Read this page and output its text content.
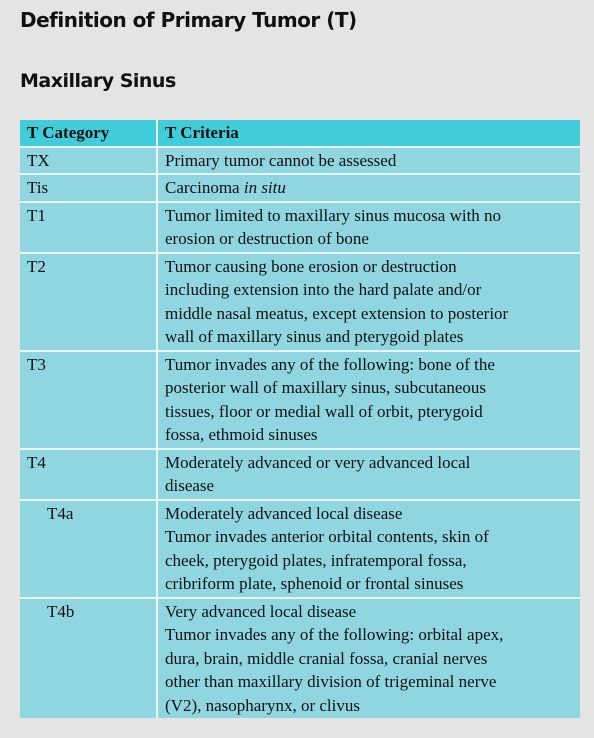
Definition of Primary Tumor (T)
Maxillary Sinus
T Category	T Criteria
TX	Primary tumor cannot be assessed
Tis	Carcinoma in situ
T1	Tumor limited to maxillary sinus mucosa with no
erosion or destruction of bone
T2	Tumor causing bone erosion or destruction
including extension into the hard palate and/or
middle nasal meatus, except extension to posterior
wall of maxillary sinus and pterygoid plates
T3	Tumor invades any of the following: bone of the
posterior wall of maxillary sinus, subcutaneous
tissues, floor or medial wall of orbit, pterygoid
fossa, ethmoid sinuses
T4	Moderately advanced or very advanced local
disease
T4a	Moderately advanced local disease
Tumor invades anterior orbital contents, skin of
cheek, pterygoid plates, infratemporal fossa,
cribriform plate, sphenoid or frontal sinuses
T4b	Very advanced local disease
Tumor invades any of the following: orbital apex,
dura, brain, middle cranial fossa, cranial nerves
other than maxillary division of trigeminal nerve
(V2), nasopharynx, or clivus
